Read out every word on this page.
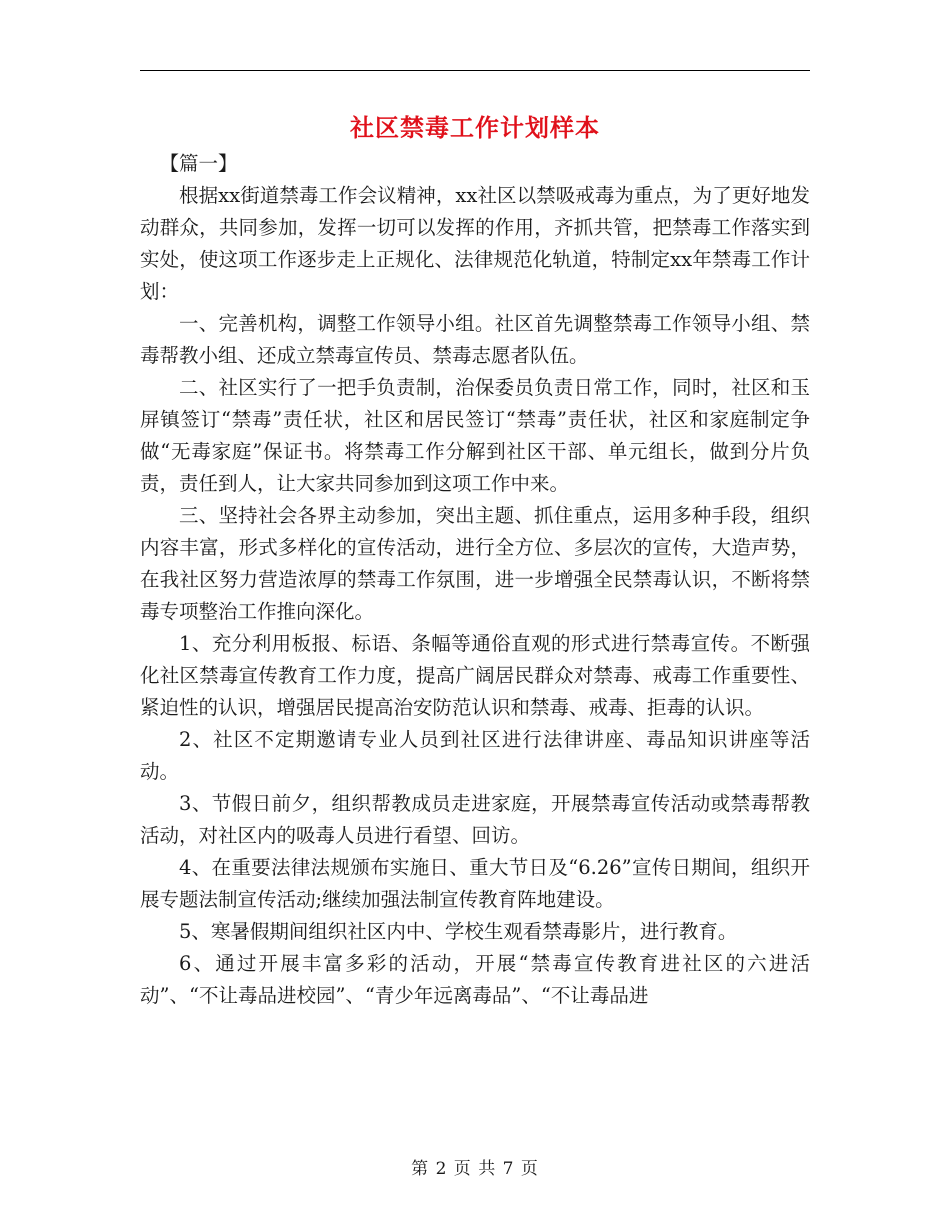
社区禁毒工作计划样本

【篇一】

根据xx街道禁毒工作会议精神，xx社区以禁吸戒毒为重点，为了更好地发动群众，共同参加，发挥一切可以发挥的作用，齐抓共管，把禁毒工作落实到实处，使这项工作逐步走上正规化、法律规范化轨道，特制定xx年禁毒工作计划：

一、完善机构，调整工作领导小组。社区首先调整禁毒工作领导小组、禁毒帮教小组、还成立禁毒宣传员、禁毒志愿者队伍。

二、社区实行了一把手负责制，治保委员负责日常工作，同时，社区和玉屏镇签订“禁毒”责任状，社区和居民签订“禁毒”责任状，社区和家庭制定争做“无毒家庭”保证书。将禁毒工作分解到社区干部、单元组长，做到分片负责，责任到人，让大家共同参加到这项工作中来。

三、坚持社会各界主动参加，突出主题、抓住重点，运用多种手段，组织内容丰富，形式多样化的宣传活动，进行全方位、多层次的宣传，大造声势，在我社区努力营造浓厚的禁毒工作氛围，进一步增强全民禁毒认识，不断将禁毒专项整治工作推向深化。

1、充分利用板报、标语、条幅等通俗直观的形式进行禁毒宣传。不断强化社区禁毒宣传教育工作力度，提高广阔居民群众对禁毒、戒毒工作重要性、紧迫性的认识，增强居民提高治安防范认识和禁毒、戒毒、拒毒的认识。

2、社区不定期邀请专业人员到社区进行法律讲座、毒品知识讲座等活动。

3、节假日前夕，组织帮教成员走进家庭，开展禁毒宣传活动或禁毒帮教活动，对社区内的吸毒人员进行看望、回访。

4、在重要法律法规颁布实施日、重大节日及“6.26”宣传日期间，组织开展专题法制宣传活动;继续加强法制宣传教育阵地建设。

5、寒暑假期间组织社区内中、学校生观看禁毒影片，进行教育。

6、通过开展丰富多彩的活动，开展“禁毒宣传教育进社区的六进活动”、“不让毒品进校园”、“青少年远离毒品”、“不让毒品进

第 2 页 共 7 页
